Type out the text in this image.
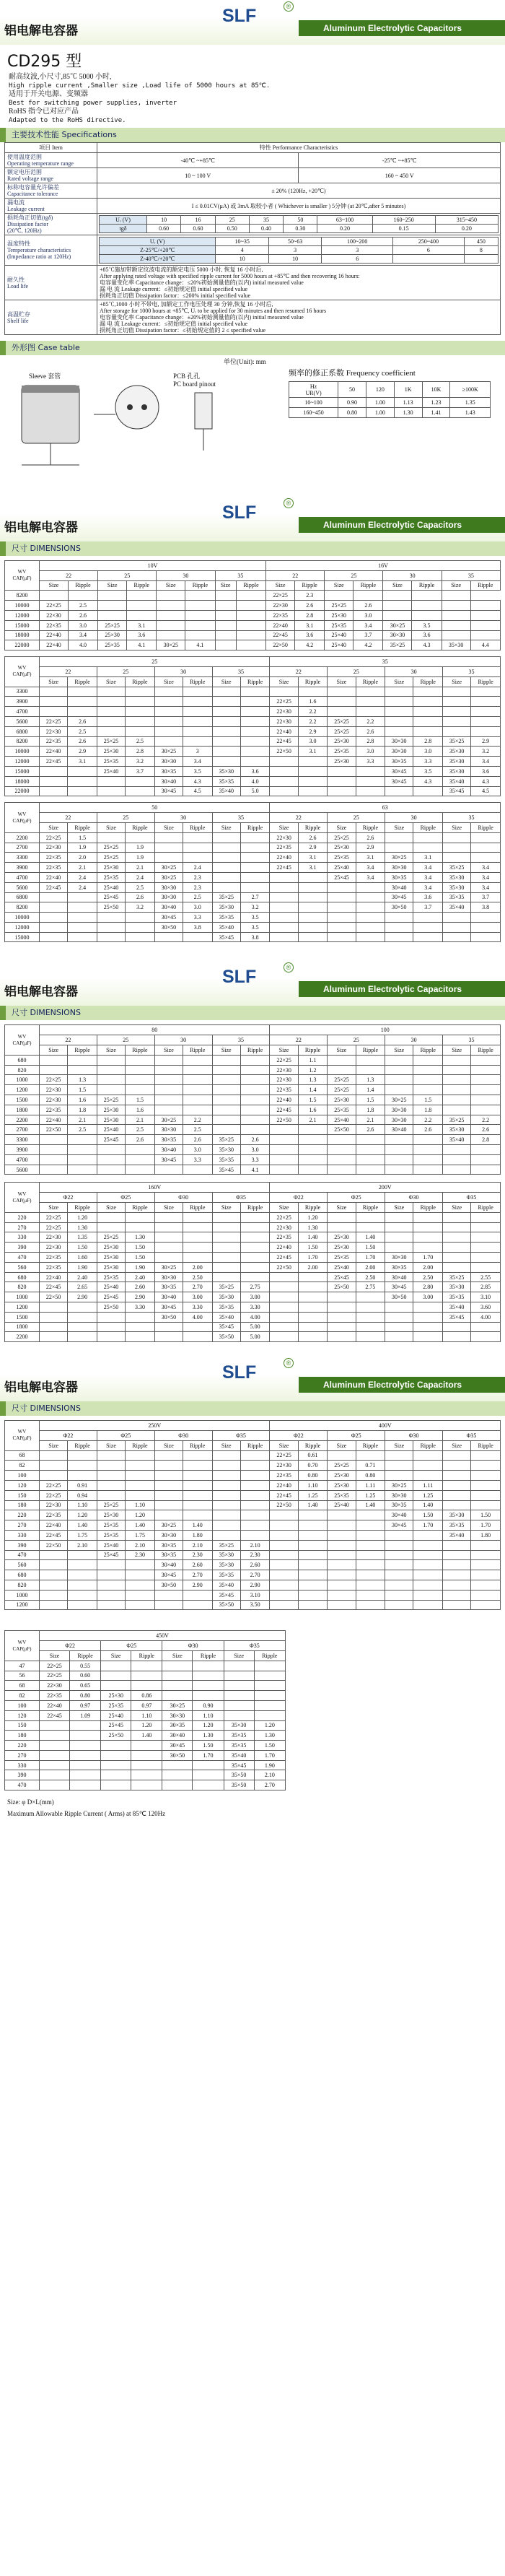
铝电解电容器
SLF	®
Aluminum Electrolytic Capacitors
CD295 型
耐高纹波,小尺寸,85℃ 5000 小时,
High ripple current ,Smaller size ,Load life of 5000 hours at 85℃.
适用于开关电源、变频器
Best for switching power supplies, inverter
RoHS 指令已对应产品
Adapted to the RoHS directive.
主要技术性能 Specifications
项目 Item	特性 Performance Characteristics
使用温度范围
Operating temperature range	-40℃ ~+85℃	-25℃ ~+85℃
额定电压范围
Rated voltage range	10 ~ 100 V	160 ~ 450 V
标称电容量允许偏差
Capacitance tolerance	± 20% (120Hz, +20℃)
漏电流
Leakage current	I ≤ 0.01CV(μA) 或 3mA 取较小者 ( Whichever is smaller ) 5分钟 (at 20℃,after 5 minutes)
损耗角正切值(tgδ)
Dissipation factor
(20℃, 120Hz)	
Uᵣ (V)	10	16	25	35	50	63~100	160~250	315~450
tgδ	0.60	0.60	0.50	0.40	0.30	0.20	0.15	0.20

温度特性
Temperature characteristics
(Impedance ratio at 120Hz)	
Uᵣ (V)	10~35	50~63	100~200	250~400	450
Z-25℃/+20℃	4	3	3	6	8
Z-40℃/+20℃	10	10	6		

耐久性
Load life	
+85℃施加带额定纹波电流的额定电压 5000 小时, 恢复 16 小时后,
After applying rated voltage with specified ripple current for 5000 hours at +85℃ and then recovering 16 hours:
电容量变化率 Capacitance change：≤20%初始测量值的(以内) initial measured value
漏 电 流 Leakage current：≤初始规定值 initial specified value
损耗角正切值 Dissipation factor：≤200% initial specified value

高温贮存
Shelf life	
+85℃,1000 小时不带电, 加额定工作电压处理 30 分钟,恢复 16 小时后,
After storage for 1000 hours at +85℃, Uᵣ to be applied for 30 minutes and then resumed 16 hours
电容量变化率 Capacitance change：±20%初始测量值的(以内) initial measured value
漏 电 流 Leakage current：≤初始规定值 initial specified value
损耗角正切值 Dissipation factor：≤初始规定值的 2 ≤ specified value
外形图 Case table
单位(Unit): mm
Sleeve 套管	PCB 孔孔
PC board pinout
频率的修正系数 Frequency coefficient
Hz
UR(V)	50	120	1K	10K	≥100K
10~100	0.90	1.00	1.13	1.23	1.35
160~450	0.80	1.00	1.30	1.41	1.43
铝电解电容器
SLF	®
Aluminum Electrolytic Capacitors
尺寸 DIMENSIONS
WV
CAP(μF)	10V								16V							
	22		25		30		35		22		25		30		35	
	Size	Ripple	Size	Ripple	Size	Ripple	Size	Ripple	Size	Ripple	Size	Ripple	Size	Ripple	Size	Ripple
8200									22×25	2.3						
10000	22×25	2.5							22×30	2.6	25×25	2.6				
12000	22×30	2.6							22×35	2.8	25×30	3.0				
15000	22×35	3.0	25×25	3.1					22×40	3.1	25×35	3.4	30×25	3.5		
18000	22×40	3.4	25×30	3.6					22×45	3.6	25×40	3.7	30×30	3.6		
22000	22×40	4.0	25×35	4.1	30×25	4.1			22×50	4.2	25×40	4.2	35×25	4.3	35×30	4.4
WV
CAP(μF)	25								35							
	22		25		30		35		22		25		30		35	
	Size	Ripple	Size	Ripple	Size	Ripple	Size	Ripple	Size	Ripple	Size	Ripple	Size	Ripple	Size	Ripple
3300																
3900									22×25	1.6						
4700									22×30	2.2						
5600	22×25	2.6							22×30	2.2	25×25	2.2				
6800	22×30	2.5							22×40	2.9	25×25	2.6				
8200	22×35	2.6	25×25	2.5					22×45	3.0	25×30	2.8	30×30	2.8	35×25	2.9
10000	22×40	2.9	25×30	2.8	30×25	3			22×50	3.1	25×35	3.0	30×30	3.0	35×30	3.2
12000	22×45	3.1	25×35	3.2	30×30	3.4					25×30	3.3	30×35	3.3	35×30	3.4
15000			25×40	3.7	30×35	3.5	35×30	3.6					30×45	3.5	35×30	3.6
18000					30×40	4.3	35×35	4.0					30×45	4.3	35×40	4.3
22000					30×45	4.5	35×40	5.0							35×45	4.5
WV
CAP(μF)	50								63							
	22		25		30		35		22		25		30		35	
	Size	Ripple	Size	Ripple	Size	Ripple	Size	Ripple	Size	Ripple	Size	Ripple	Size	Ripple	Size	Ripple
2200	22×25	1.5							22×30	2.6	25×25	2.6				
2700	22×30	1.9	25×25	1.9					22×35	2.9	25×30	2.9				
3300	22×35	2.0	25×25	1.9					22×40	3.1	25×35	3.1	30×25	3.1		
3900	22×35	2.1	25×30	2.1	30×25	2.4			22×45	3.1	25×40	3.4	30×30	3.4	35×25	3.4
4700	22×40	2.4	25×35	2.4	30×25	2.3					25×45	3.4	30×35	3.4	35×30	3.4
5600	22×45	2.4	25×40	2.5	30×30	2.3							30×40	3.4	35×30	3.4
6800			25×45	2.6	30×30	2.5	35×25	2.7					30×45	3.6	35×35	3.7
8200			25×50	3.2	30×40	3.0	35×30	3.2					30×50	3.7	35×40	3.8
10000					30×45	3.3	35×35	3.5								
12000					30×50	3.8	35×40	3.5								
15000							35×45	3.8								
铝电解电容器
SLF	®
Aluminum Electrolytic Capacitors
尺寸 DIMENSIONS
WV
CAP(μF)	80								100							
	22		25		30		35		22		25		30		35	
	Size	Ripple	Size	Ripple	Size	Ripple	Size	Ripple	Size	Ripple	Size	Ripple	Size	Ripple	Size	Ripple
680									22×25	1.1						
820									22×30	1.2						
1000	22×25	1.3							22×30	1.3	25×25	1.3				
1200	22×30	1.5							22×35	1.4	25×25	1.4				
1500	22×30	1.6	25×25	1.5					22×40	1.5	25×30	1.5	30×25	1.5		
1800	22×35	1.8	25×30	1.6					22×45	1.6	25×35	1.8	30×30	1.8		
2200	22×40	2.1	25×30	2.1	30×25	2.2			22×50	2.1	25×40	2.1	30×30	2.2	35×25	2.2
2700	22×50	2.5	25×40	2.5	30×30	2.5					25×50	2.6	30×40	2.6	35×30	2.6
3300			25×45	2.6	30×35	2.6	35×25	2.6							35×40	2.8
3900					30×40	3.0	35×30	3.0								
4700					30×45	3.3	35×35	3.3								
5600							35×45	4.1								
WV
CAP(μF)	160V								200V							
	Φ22		Φ25		Φ30		Φ35		Φ22		Φ25		Φ30		Φ35	
	Size	Ripple	Size	Ripple	Size	Ripple	Size	Ripple	Size	Ripple	Size	Ripple	Size	Ripple	Size	Ripple
220	22×25	1.20							22×25	1.20						
270	22×25	1.30							22×30	1.30						
330	22×30	1.35	25×25	1.30					22×35	1.40	25×30	1.40				
390	22×30	1.50	25×30	1.50					22×40	1.50	25×30	1.50				
470	22×35	1.60	25×30	1.50					22×45	1.70	25×35	1.70	30×30	1.70		
560	22×35	1.90	25×30	1.90	30×25	2.00			22×50	2.00	25×40	2.00	30×35	2.00		
680	22×40	2.40	25×35	2.40	30×30	2.50					25×45	2.50	30×40	2.50	35×25	2.55
820	22×45	2.65	25×40	2.60	30×35	2.70	35×25	2.75			25×50	2.75	30×45	2.80	35×30	2.85
1000	22×50	2.90	25×45	2.90	30×40	3.00	35×30	3.00					30×50	3.00	35×35	3.10
1200			25×50	3.30	30×45	3.30	35×35	3.30							35×40	3.60
1500					30×50	4.00	35×40	4.00							35×45	4.00
1800							35×45	5.00								
2200							35×50	5.00								
铝电解电容器
SLF	®
Aluminum Electrolytic Capacitors
尺寸 DIMENSIONS
WV
CAP(μF)	250V								400V							
	Φ22		Φ25		Φ30		Φ35		Φ22		Φ25		Φ30		Φ35	
	Size	Ripple	Size	Ripple	Size	Ripple	Size	Ripple	Size	Ripple	Size	Ripple	Size	Ripple	Size	Ripple
68									22×25	0.61						
82									22×30	0.70	25×25	0.71				
100									22×35	0.80	25×30	0.80				
120	22×25	0.91							22×40	1.10	25×30	1.11	30×25	1.11		
150	22×25	0.94							22×45	1.25	25×35	1.25	30×30	1.25		
180	22×30	1.10	25×25	1.10					22×50	1.40	25×40	1.40	30×35	1.40		
220	22×35	1.20	25×30	1.20									30×40	1.50	35×30	1.50
270	22×40	1.40	25×35	1.40	30×25	1.40							30×45	1.70	35×35	1.70
330	22×45	1.75	25×35	1.75	30×30	1.80									35×40	1.80
390	22×50	2.10	25×40	2.10	30×35	2.10	35×25	2.10								
470			25×45	2.30	30×35	2.30	35×30	2.30								
560					30×40	2.60	35×30	2.60								
680					30×45	2.70	35×35	2.70								
820					30×50	2.90	35×40	2.90								
1000							35×45	3.10								
1200							35×50	3.50								
WV
CAP(μF)	450V							
	Φ22		Φ25		Φ30		Φ35	
	Size	Ripple	Size	Ripple	Size	Ripple	Size	Ripple
47	22×25	0.55						
56	22×25	0.60						
68	22×30	0.65						
82	22×35	0.80	25×30	0.86				
100	22×40	0.97	25×35	0.97	30×25	0.90		
120	22×45	1.09	25×40	1.10	30×30	1.10		
150			25×45	1.20	30×35	1.20	35×30	1.20
180			25×50	1.40	30×40	1.30	35×35	1.30
220					30×45	1.50	35×35	1.50
270					30×50	1.70	35×40	1.70
330							35×45	1.90
390							35×50	2.10
470							35×50	2.70
Size: φ D×L(mm)
Maximum Allowable Ripple Current ( Arms) at 85℃ 120Hz
